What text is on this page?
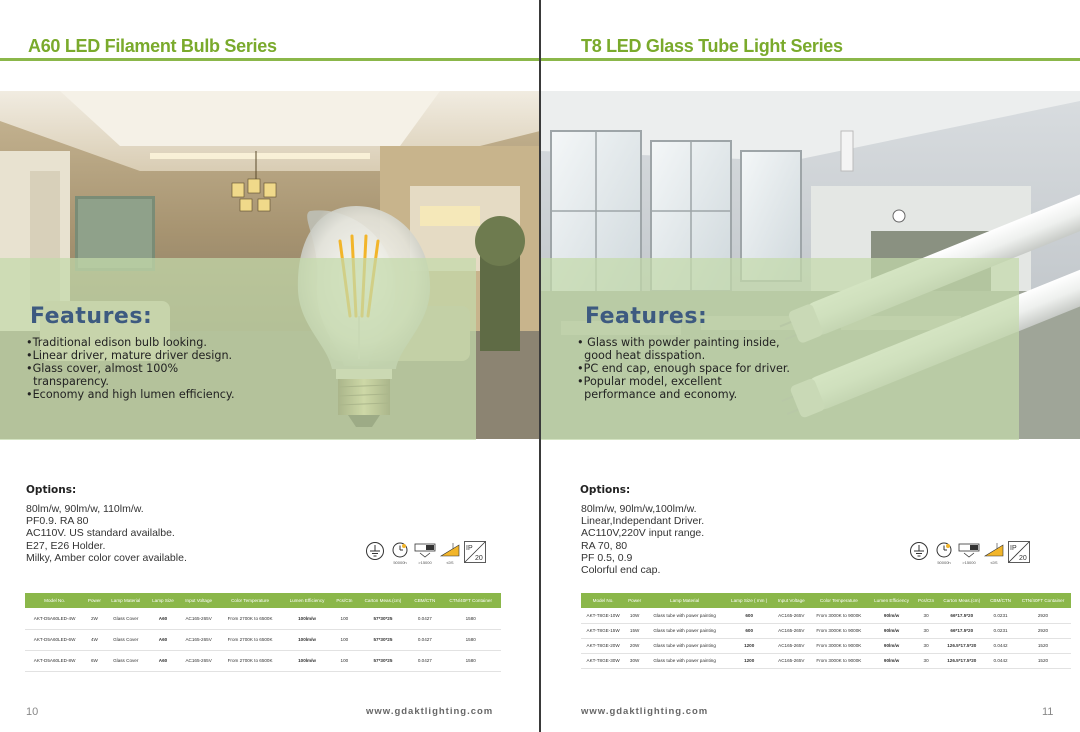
A60 LED Filament Bulb Series
Features:
•Traditional edison bulb looking.
•Linear driver, mature driver design.
•Glass cover, almost 100%
transparency.
•Economy and high lumen efficiency.
Options:
80lm/w, 90lm/w, 110lm/w.
PF0.9. RA 80
AC110V. US standard availalbe.
E27, E26 Holder.
Milky, Amber color cover available.	50000h	>15000	≤0S
IP
20
Model No.	Power	Lamp Material	Lamp Size	Input Voltage	Color Temperature	Lumen Efficiency	Pcs/Ctn	Carton Meas.(cm)	CBM/CTN	CTN/40FT Container
AKT-D5A60LED-4W	2W	Glass Cover	A60	AC165-265V	From 2700K to 6500K	100lm/w	100	57*30*25	0.0427	1580
AKT-D5A60LED-6W	4W	Glass Cover	A60	AC165-265V	From 2700K to 6500K	100lm/w	100	57*30*25	0.0427	1580
AKT-D5A60LED-8W	6W	Glass Cover	A60	AC165-265V	From 2700K to 6500K	100lm/w	100	57*30*25	0.0427	1580
10	www.gdaktlighting.com
T8 LED Glass Tube Light Series
Features:
• Glass with powder painting inside,
good heat disspation.
•PC end cap, enough space for driver.
•Popular model, excellent
performance and economy.
Options:
80lm/w, 90lm/w,100lm/w.
Linear,Independant Driver.
AC110V,220V input range.
RA 70, 80
PF 0.5, 0.9
Colorful end cap.
50000h	>15000	≤0S
IP
20
Model No.	Power	Lamp Material	Lamp Size ( mm )	Input Voltage	Color Temperature	Lumen Efficiency	Pcs/Ctn	Carton Meas.(cm)	CBM/CTN	CTN/40FT Container
AKT-T8GE-10W	10W	Glass tube with power painting	600	AC165-265V	From 3000K to 9000K	90lm/w	30	66*17.5*20	0.0231	2920
AKT-T8GE-15W	15W	Glass tube with power painting	600	AC165-265V	From 3000K to 9000K	90lm/w	30	66*17.5*20	0.0231	2920
AKT-T8GE-20W	20W	Glass tube with power painting	1200	AC165-265V	From 3000K to 9000K	90lm/w	30	126.5*17.5*20	0.0442	1520
AKT-T8GE-30W	30W	Glass tube with power painting	1200	AC165-265V	From 3000K to 9000K	90lm/w	30	126.5*17.5*20	0.0442	1520
www.gdaktlighting.com	11
